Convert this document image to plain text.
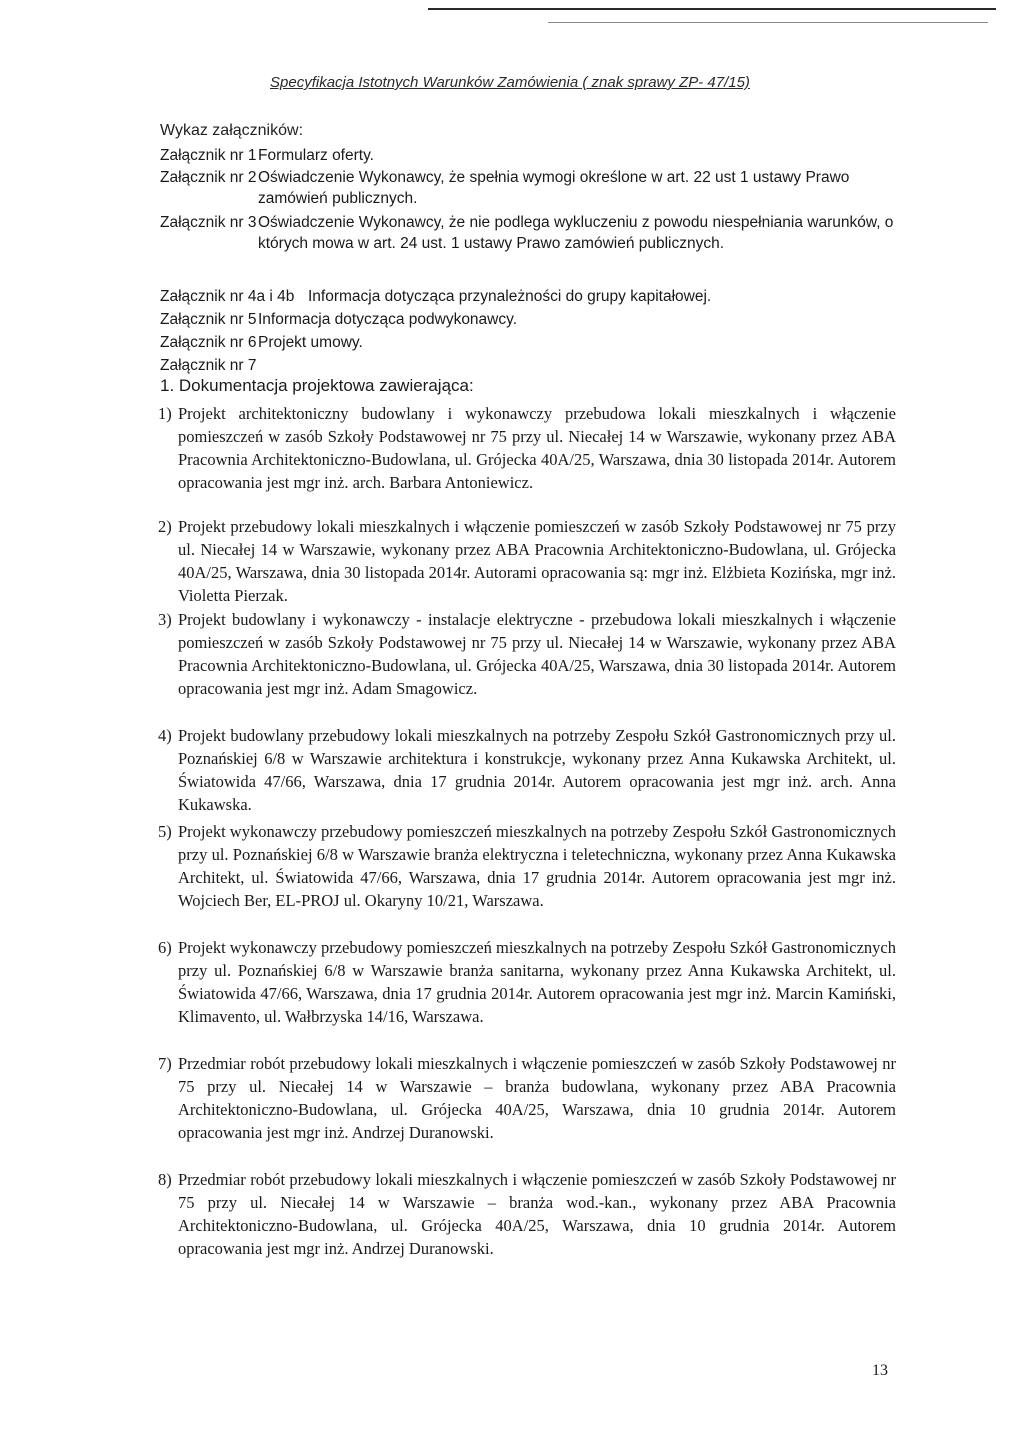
Specyfikacja Istotnych Warunków Zamówienia ( znak sprawy ZP- 47/15)
Wykaz załączników:
Załącznik nr 1 Formularz oferty.
Załącznik nr 2 Oświadczenie Wykonawcy, że spełnia wymogi określone w art. 22 ust 1 ustawy Prawo zamówień publicznych.
Załącznik nr 3 Oświadczenie Wykonawcy, że nie podlega wykluczeniu z powodu niespełniania warunków, o których mowa w art. 24 ust. 1 ustawy Prawo zamówień publicznych.
Załącznik nr 4a i 4b Informacja dotycząca przynależności do grupy kapitałowej.
Załącznik nr 5 Informacja dotycząca podwykonawcy.
Załącznik nr 6 Projekt umowy.
Załącznik nr 7
1. Dokumentacja projektowa zawierająca:
1) Projekt architektoniczny budowlany i wykonawczy przebudowa lokali mieszkalnych i włączenie pomieszczeń w zasób Szkoły Podstawowej nr 75 przy ul. Niecałej 14 w Warszawie, wykonany przez ABA Pracownia Architektoniczno-Budowlana, ul. Grójecka 40A/25, Warszawa, dnia 30 listopada 2014r. Autorem opracowania jest mgr inż. arch. Barbara Antoniewicz.
2) Projekt przebudowy lokali mieszkalnych i włączenie pomieszczeń w zasób Szkoły Podstawowej nr 75 przy ul. Niecałej 14 w Warszawie, wykonany przez ABA Pracownia Architektoniczno-Budowlana, ul. Grójecka 40A/25, Warszawa, dnia 30 listopada 2014r. Autorami opracowania są: mgr inż. Elżbieta Kozińska, mgr inż. Violetta Pierzak.
3) Projekt budowlany i wykonawczy - instalacje elektryczne - przebudowa lokali mieszkalnych i włączenie pomieszczeń w zasób Szkoły Podstawowej nr 75 przy ul. Niecałej 14 w Warszawie, wykonany przez ABA Pracownia Architektoniczno-Budowlana, ul. Grójecka 40A/25, Warszawa, dnia 30 listopada 2014r. Autorem opracowania jest mgr inż. Adam Smagowicz.
4) Projekt budowlany przebudowy lokali mieszkalnych na potrzeby Zespołu Szkół Gastronomicznych przy ul. Poznańskiej 6/8 w Warszawie architektura i konstrukcje, wykonany przez Anna Kukawska Architekt, ul. Światowida 47/66, Warszawa, dnia 17 grudnia 2014r. Autorem opracowania jest mgr inż. arch. Anna Kukawska.
5) Projekt wykonawczy przebudowy pomieszczeń mieszkalnych na potrzeby Zespołu Szkół Gastronomicznych przy ul. Poznańskiej 6/8 w Warszawie branża elektryczna i teletechniczna, wykonany przez Anna Kukawska Architekt, ul. Światowida 47/66, Warszawa, dnia 17 grudnia 2014r. Autorem opracowania jest mgr inż. Wojciech Ber, EL-PROJ ul. Okaryny 10/21, Warszawa.
6) Projekt wykonawczy przebudowy pomieszczeń mieszkalnych na potrzeby Zespołu Szkół Gastronomicznych przy ul. Poznańskiej 6/8 w Warszawie branża sanitarna, wykonany przez Anna Kukawska Architekt, ul. Światowida 47/66, Warszawa, dnia 17 grudnia 2014r. Autorem opracowania jest mgr inż. Marcin Kamiński, Klimavento, ul. Wałbrzyska 14/16, Warszawa.
7) Przedmiar robót przebudowy lokali mieszkalnych i włączenie pomieszczeń w zasób Szkoły Podstawowej nr 75 przy ul. Niecałej 14 w Warszawie – branża budowlana, wykonany przez ABA Pracownia Architektoniczno-Budowlana, ul. Grójecka 40A/25, Warszawa, dnia 10 grudnia 2014r. Autorem opracowania jest mgr inż. Andrzej Duranowski.
8) Przedmiar robót przebudowy lokali mieszkalnych i włączenie pomieszczeń w zasób Szkoły Podstawowej nr 75 przy ul. Niecałej 14 w Warszawie – branża wod.-kan., wykonany przez ABA Pracownia Architektoniczno-Budowlana, ul. Grójecka 40A/25, Warszawa, dnia 10 grudnia 2014r. Autorem opracowania jest mgr inż. Andrzej Duranowski.
13
